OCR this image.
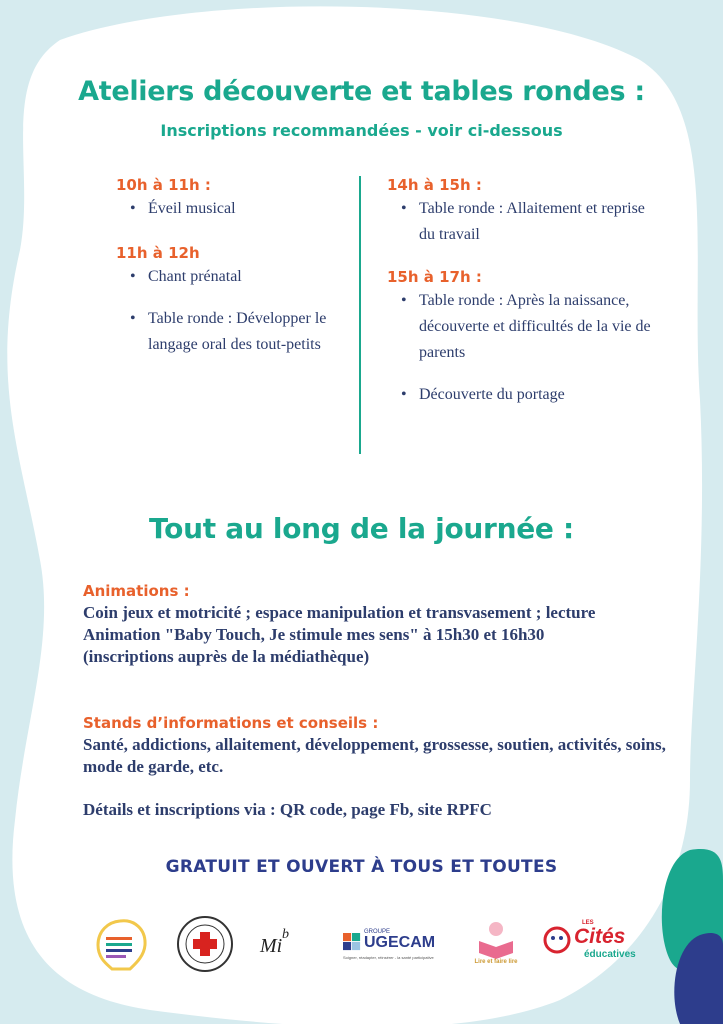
Ateliers découverte et tables rondes :
Inscriptions recommandées - voir ci-dessous
10h à 11h :
• Éveil musical
11h à 12h
• Chant prénatal
• Table ronde : Développer le langage oral des tout-petits
14h à 15h :
• Table ronde : Allaitement et reprise du travail
15h à 17h :
• Table ronde : Après la naissance, découverte et difficultés de la vie de parents
• Découverte du portage
Tout au long de la journée :
Animations :
Coin jeux et motricité ; espace manipulation et transvasement ; lecture
Animation "Baby Touch, Je stimule mes sens" à 15h30 et 16h30
(inscriptions auprès de la médiathèque)
Stands d’informations et conseils :
Santé, addictions, allaitement, développement, grossesse, soutien, activités, soins, mode de garde, etc.
Détails et inscriptions via : QR code, page Fb, site RPFC
GRATUIT ET OUVERT À TOUS ET TOUTES
Mi
b	GROUPE
UGECAM
Soigner, réadapter, réinsérer - la santé participative
Lire et faire lire
LES
Cités
éducatives
